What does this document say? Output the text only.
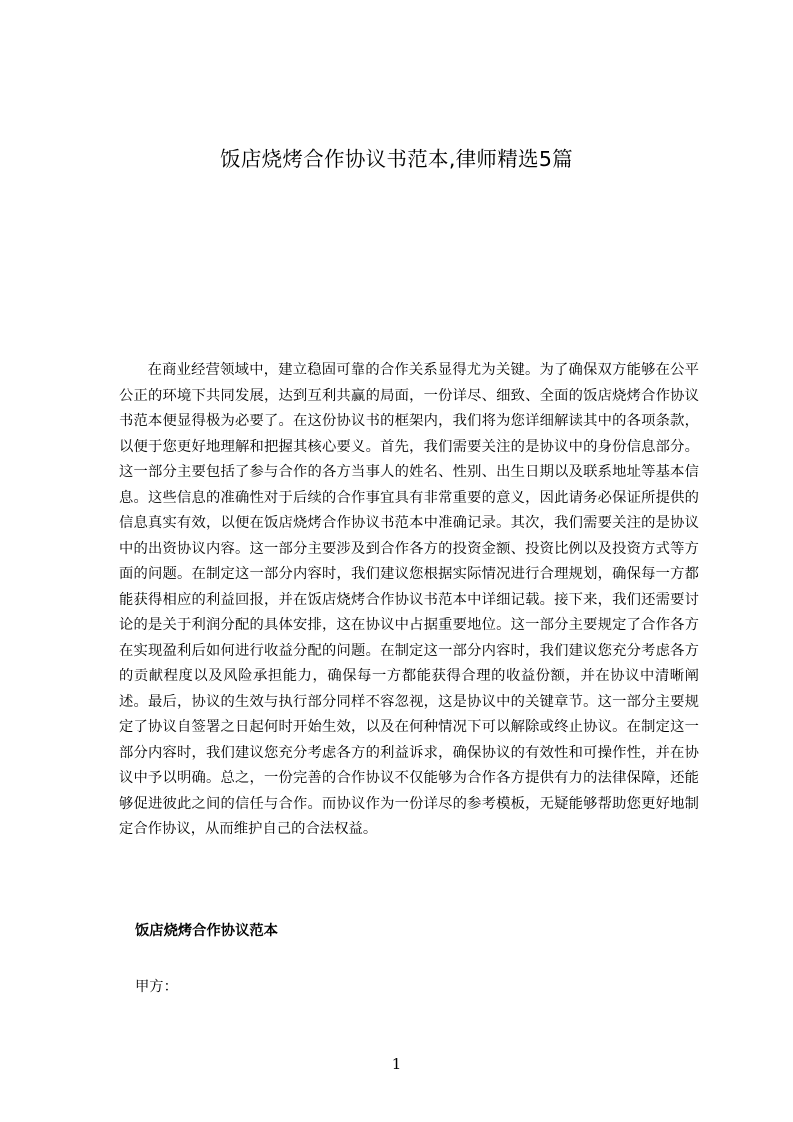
饭店烧烤合作协议书范本,律师精选5篇

在商业经营领域中，建立稳固可靠的合作关系显得尤为关键。为了确保双方能够在公平公正的环境下共同发展，达到互利共赢的局面，一份详尽、细致、全面的饭店烧烤合作协议书范本便显得极为必要了。在这份协议书的框架内，我们将为您详细解读其中的各项条款，以便于您更好地理解和把握其核心要义。首先，我们需要关注的是协议中的身份信息部分。这一部分主要包括了参与合作的各方当事人的姓名、性别、出生日期以及联系地址等基本信息。这些信息的准确性对于后续的合作事宜具有非常重要的意义，因此请务必保证所提供的信息真实有效，以便在饭店烧烤合作协议书范本中准确记录。其次，我们需要关注的是协议中的出资协议内容。这一部分主要涉及到合作各方的投资金额、投资比例以及投资方式等方面的问题。在制定这一部分内容时，我们建议您根据实际情况进行合理规划，确保每一方都能获得相应的利益回报，并在饭店烧烤合作协议书范本中详细记载。接下来，我们还需要讨论的是关于利润分配的具体安排，这在协议中占据重要地位。这一部分主要规定了合作各方在实现盈利后如何进行收益分配的问题。在制定这一部分内容时，我们建议您充分考虑各方的贡献程度以及风险承担能力，确保每一方都能获得合理的收益份额，并在协议中清晰阐述。最后，协议的生效与执行部分同样不容忽视，这是协议中的关键章节。这一部分主要规定了协议自签署之日起何时开始生效，以及在何种情况下可以解除或终止协议。在制定这一部分内容时，我们建议您充分考虑各方的利益诉求，确保协议的有效性和可操作性，并在协议中予以明确。总之，一份完善的合作协议不仅能够为合作各方提供有力的法律保障，还能够促进彼此之间的信任与合作。而协议作为一份详尽的参考模板，无疑能够帮助您更好地制定合作协议，从而维护自己的合法权益。

饭店烧烤合作协议范本

甲方：

1
